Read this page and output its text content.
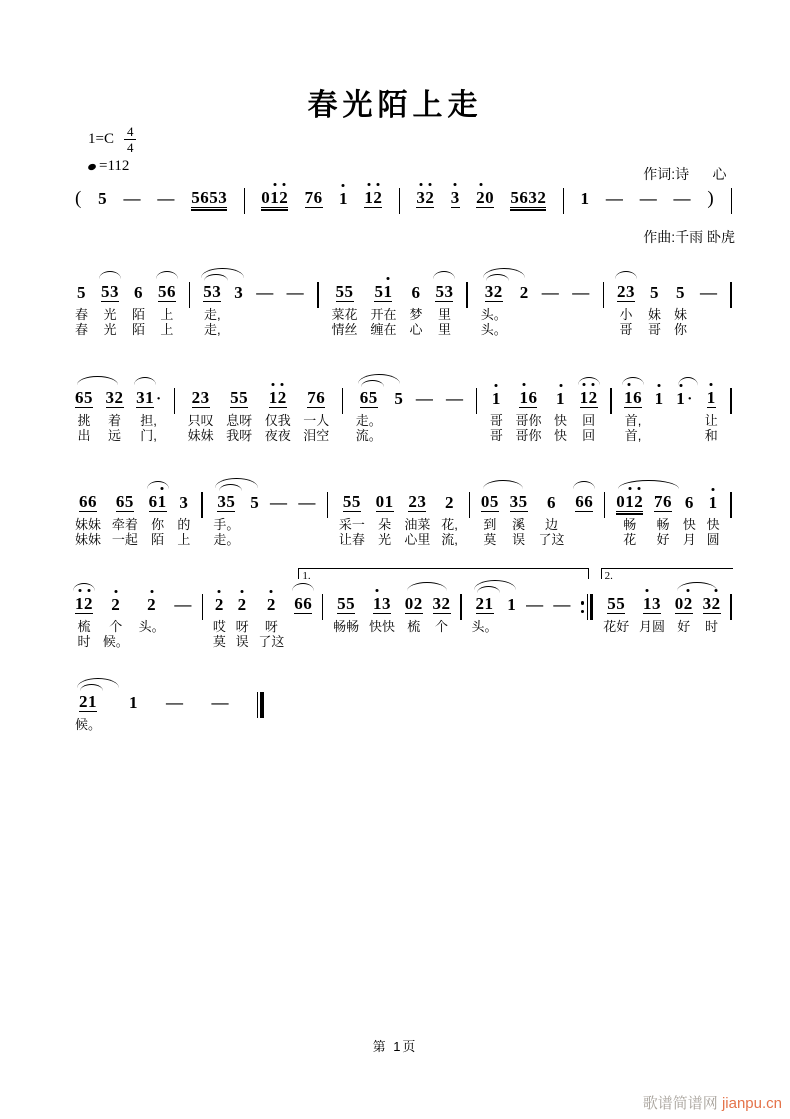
春光陌上走
$1=C \frac{4}{4}$
=112

	作词:诗      心

作曲:千雨 卧虎

( 5 — — 5653 012 76 1 12 32 3 20 5632 1 — — — )
5
春
春
53
光
光
6
陌
陌
56
上
上
53
走,
走,
3 — — 55
菜花
情丝
51
开在
缠在
6
梦
心
53
里
里
32
头。
头。
2 — — 23
小
哥
5
妹
哥
5
妹
你
—
65
挑
出
32
着
远
31 ·
担,
门,
23
只叹
妹妹
55
息呀
我呀
12
仅我
夜夜
76
一人
泪空
65
走。
流。
5 — — 1
哥
哥
16
哥你
哥你
1
快
快
12
回
回
16
首,
首,
1 1 · 1
让
和
66
妹妹
妹妹
65
牵着
一起
61
你
陌
3
的
上
35
手。
走。
5 — — 55
采一
让春
01
朵
光
23
油菜
心里
2
花,
流,
05
到
莫
35
溪
误
6
边
了这
66 012
畅
花
76
畅
好
6
快
月
1
快
圆
1.	2.
12
梳
时
2
个
候。
2
头。
— 2
哎
莫
2
呀
误
2
呀
了这
66 55
畅畅
13
快快
02
梳
32
个
21
头。
1 — — 55
花好
13
月圆
02
好
32
时
21
候。
1 — —
第 1页
歌谱简谱网 jianpu.cn
